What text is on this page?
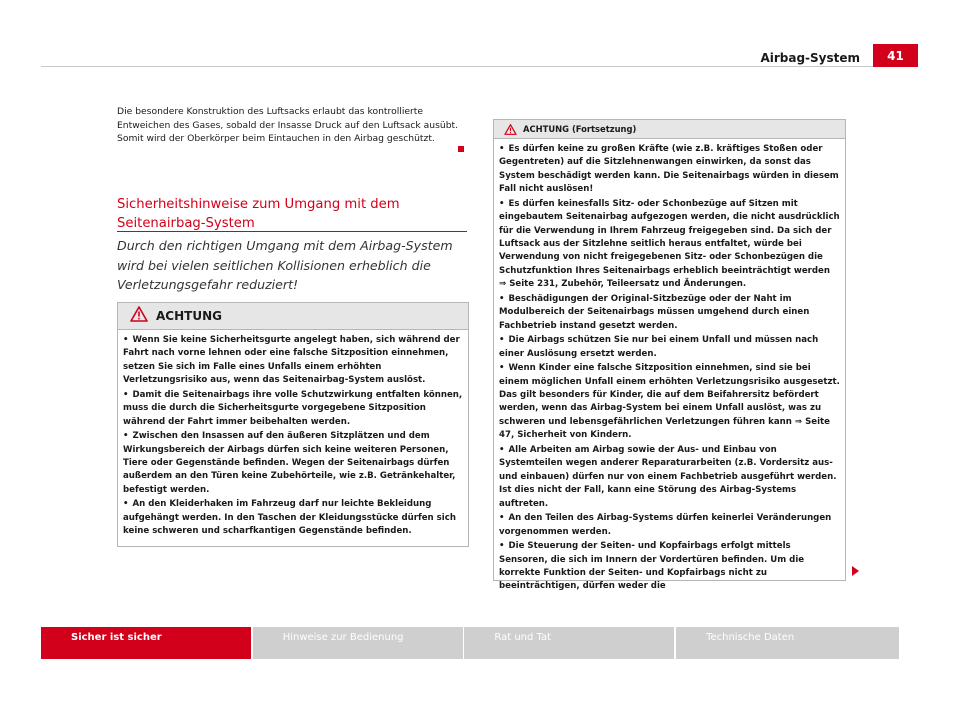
Airbag-System	41
Die besondere Konstruktion des Luftsacks erlaubt das kontrollierte Entweichen des Gases, sobald der Insasse Druck auf den Luftsack ausübt. Somit wird der Oberkörper beim Eintauchen in den Airbag geschützt.
Sicherheitshinweise zum Umgang mit dem Seitenairbag-System
Durch den richtigen Umgang mit dem Airbag-System wird bei vielen seitlichen Kollisionen erheblich die Verletzungsgefahr reduziert!
ACHTUNG

• Wenn Sie keine Sicherheitsgurte angelegt haben, sich während der Fahrt nach vorne lehnen oder eine falsche Sitzposition einnehmen, setzen Sie sich im Falle eines Unfalls einem erhöhten Verletzungsrisiko aus, wenn das Seitenairbag-System auslöst.

• Damit die Seitenairbags ihre volle Schutzwirkung entfalten können, muss die durch die Sicherheitsgurte vorgegebene Sitzposition während der Fahrt immer beibehalten werden.

• Zwischen den Insassen auf den äußeren Sitzplätzen und dem Wirkungsbereich der Airbags dürfen sich keine weiteren Personen, Tiere oder Gegenstände befinden. Wegen der Seitenairbags dürfen außerdem an den Türen keine Zubehörteile, wie z.B. Getränkehalter, befestigt werden.

• An den Kleiderhaken im Fahrzeug darf nur leichte Bekleidung aufgehängt werden. In den Taschen der Kleidungsstücke dürfen sich keine schweren und scharfkantigen Gegenstände befinden.

ACHTUNG (Fortsetzung)

• Es dürfen keine zu großen Kräfte (wie z.B. kräftiges Stoßen oder Gegentreten) auf die Sitzlehnenwangen einwirken, da sonst das System beschädigt werden kann. Die Seitenairbags würden in diesem Fall nicht auslösen!

• Es dürfen keinesfalls Sitz- oder Schonbezüge auf Sitzen mit eingebautem Seitenairbag aufgezogen werden, die nicht ausdrücklich für die Verwendung in Ihrem Fahrzeug freigegeben sind. Da sich der Luftsack aus der Sitzlehne seitlich heraus entfaltet, würde bei Verwendung von nicht freigegebenen Sitz- oder Schonbezügen die Schutzfunktion Ihres Seitenairbags erheblich beeinträchtigt werden ⇒ Seite 231, Zubehör, Teileersatz und Änderungen.

• Beschädigungen der Original-Sitzbezüge oder der Naht im Modulbereich der Seitenairbags müssen umgehend durch einen Fachbetrieb instand gesetzt werden.

• Die Airbags schützen Sie nur bei einem Unfall und müssen nach einer Auslösung ersetzt werden.

• Wenn Kinder eine falsche Sitzposition einnehmen, sind sie bei einem möglichen Unfall einem erhöhten Verletzungsrisiko ausgesetzt. Das gilt besonders für Kinder, die auf dem Beifahrersitz befördert werden, wenn das Airbag-System bei einem Unfall auslöst, was zu schweren und lebensgefährlichen Verletzungen führen kann ⇒ Seite 47, Sicherheit von Kindern.

• Alle Arbeiten am Airbag sowie der Aus- und Einbau von Systemteilen wegen anderer Reparaturarbeiten (z.B. Vordersitz aus- und einbauen) dürfen nur von einem Fachbetrieb ausgeführt werden. Ist dies nicht der Fall, kann eine Störung des Airbag-Systems auftreten.

• An den Teilen des Airbag-Systems dürfen keinerlei Veränderungen vorgenommen werden.

• Die Steuerung der Seiten- und Kopfairbags erfolgt mittels Sensoren, die sich im Innern der Vordertüren befinden. Um die korrekte Funktion der Seiten- und Kopfairbags nicht zu beeinträchtigen, dürfen weder die

Sicher ist sicher	Hinweise zur Bedienung	Rat und Tat	Technische Daten
